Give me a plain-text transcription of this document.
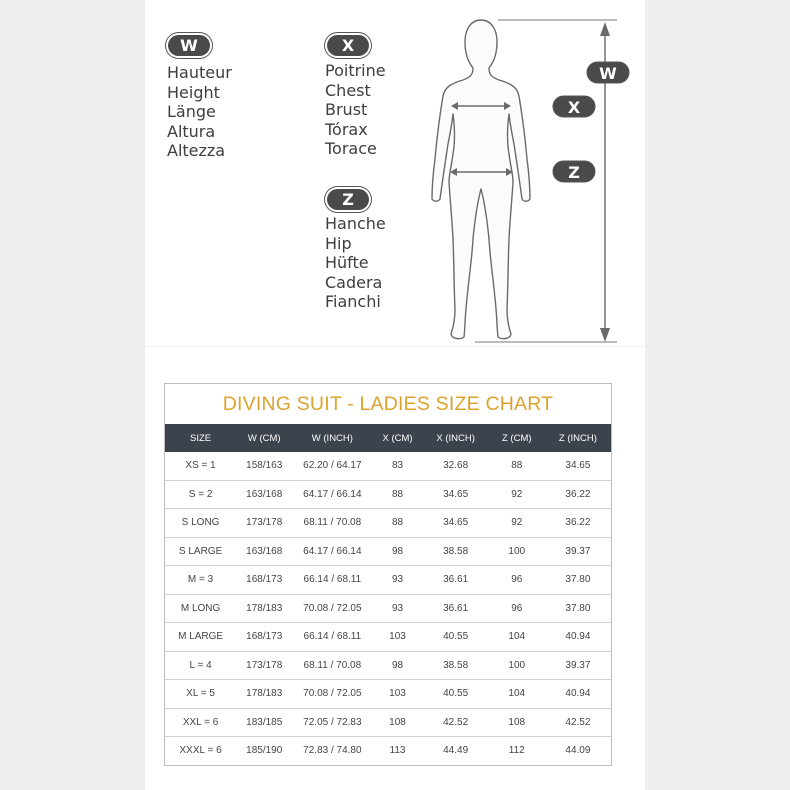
W
Hauteur
Height
Länge
Altura
Altezza
X
Poitrine
Chest
Brust
Tórax
Torace
Z
Hanche
Hip
Hüfte
Cadera
Fianchi
W
X
Z
DIVING SUIT - LADIES SIZE CHART
SIZE	W (CM)	W (INCH)	X (CM)	X (INCH)	Z (CM)	Z (INCH)
XS = 1	158/163	62.20 / 64.17	83	32.68	88	34.65
S = 2	163/168	64.17 / 66.14	88	34.65	92	36.22
S LONG	173/178	68.11 / 70.08	88	34.65	92	36.22
S LARGE	163/168	64.17 / 66.14	98	38.58	100	39.37
M = 3	168/173	66.14 / 68.11	93	36.61	96	37.80
M LONG	178/183	70.08 / 72.05	93	36.61	96	37.80
M LARGE	168/173	66.14 / 68.11	103	40.55	104	40.94
L = 4	173/178	68.11 / 70.08	98	38.58	100	39.37
XL = 5	178/183	70.08 / 72.05	103	40.55	104	40.94
XXL = 6	183/185	72.05 / 72.83	108	42.52	108	42.52
XXXL = 6	185/190	72.83 / 74.80	113	44.49	112	44.09
